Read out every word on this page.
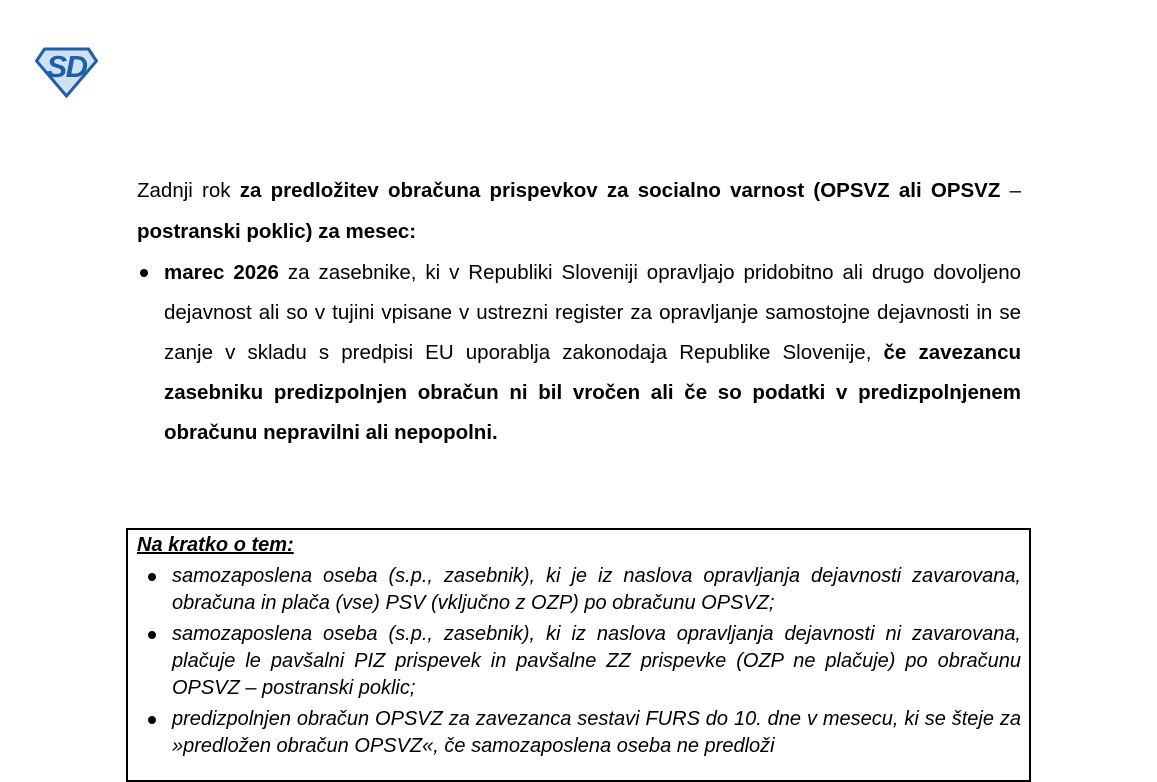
SD

Zadnji rok za predložitev obračuna prispevkov za socialno varnost (OPSVZ ali OPSVZ – postranski poklic) za mesec:

marec 2026 za zasebnike, ki v Republiki Sloveniji opravljajo pridobitno ali drugo dovoljeno dejavnost ali so v tujini vpisane v ustrezni register za opravljanje samostojne dejavnosti in se zanje v skladu s predpisi EU uporablja zakonodaja Republike Slovenije, če zavezancu zasebniku predizpolnjen obračun ni bil vročen ali če so podatki v predizpolnjenem obračunu nepravilni ali nepopolni.

Na kratko o tem:

samozaposlena oseba (s.p., zasebnik), ki je iz naslova opravljanja dejavnosti zavarovana, obračuna in plača (vse) PSV (vključno z OZP) po obračunu OPSVZ;
samozaposlena oseba (s.p., zasebnik), ki iz naslova opravljanja dejavnosti ni zavarovana, plačuje le pavšalni PIZ prispevek in pavšalne ZZ prispevke (OZP ne plačuje) po obračunu OPSVZ – postranski poklic;
predizpolnjen obračun OPSVZ za zavezanca sestavi FURS do 10. dne v mesecu, ki se šteje za »predložen obračun OPSVZ«, če samozaposlena oseba ne predloži
